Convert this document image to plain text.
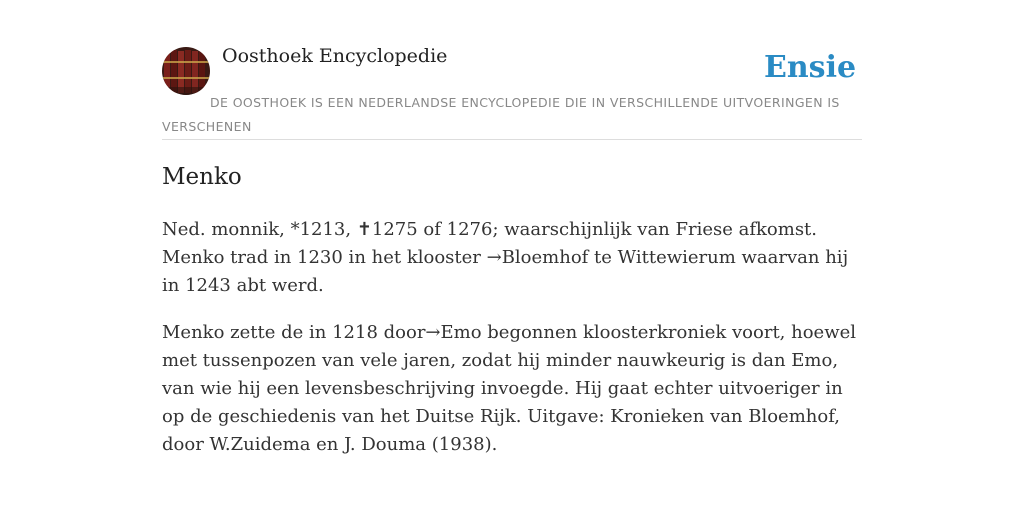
Oosthoek Encyclopedie	Ensie
DE OOSTHOEK IS EEN NEDERLANDSE ENCYCLOPEDIE DIE IN VERSCHILLENDE UITVOERINGEN IS VERSCHENEN
Menko

Ned. monnik, *1213, ✝1275 of 1276; waarschijnlijk van Friese afkomst. Menko trad in 1230 in het klooster →Bloemhof te Wittewierum waarvan hij in 1243 abt werd.

Menko zette de in 1218 door→Emo begonnen kloosterkroniek voort, hoewel met tussenpozen van vele jaren, zodat hij minder nauwkeurig is dan Emo, van wie hij een levensbeschrijving invoegde. Hij gaat echter uitvoeriger in op de geschiedenis van het Duitse Rijk. Uitgave: Kronieken van Bloemhof, door W.Zuidema en J. Douma (1938).
